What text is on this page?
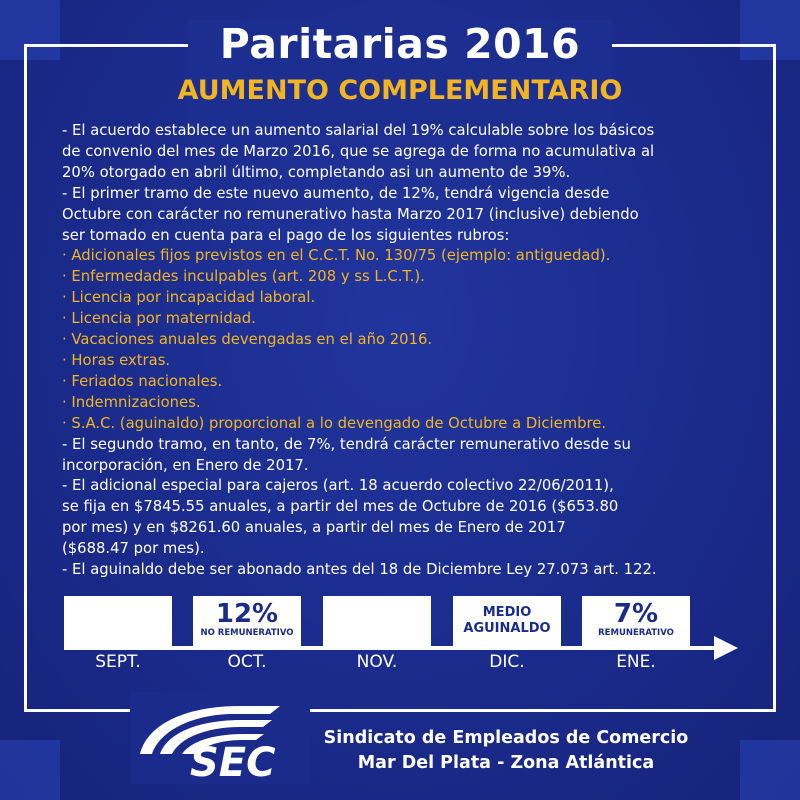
Paritarias 2016
AUMENTO COMPLEMENTARIO
- El acuerdo establece un aumento salarial del 19% calculable sobre los básicos
de convenio del mes de Marzo 2016, que se agrega de forma no acumulativa al
20% otorgado en abril último, completando asi un aumento de 39%.
- El primer tramo de este nuevo aumento, de 12%, tendrá vigencia desde
Octubre con carácter no remunerativo hasta Marzo 2017 (inclusive) debiendo
ser tomado en cuenta para el pago de los siguientes rubros:
· Adicionales fijos previstos en el C.C.T. No. 130/75 (ejemplo: antiguedad).
· Enfermedades inculpables (art. 208 y ss L.C.T.).
· Licencia por incapacidad laboral.
· Licencia por maternidad.
· Vacaciones anuales devengadas en el año 2016.
· Horas extras.
· Feriados nacionales.
· Indemnizaciones.
· S.A.C. (aguinaldo) proporcional a lo devengado de Octubre a Diciembre.
- El segundo tramo, en tanto, de 7%, tendrá carácter remunerativo desde su
incorporación, en Enero de 2017.
- El adicional especial para cajeros (art. 18 acuerdo colectivo 22/06/2011),
se fija en $7845.55 anuales, a partir del mes de Octubre de 2016 ($653.80
por mes) y en $8261.60 anuales, a partir del mes de Enero de 2017
($688.47 por mes).
- El aguinaldo debe ser abonado antes del 18 de Diciembre Ley 27.073 art. 122.
12%
NO REMUNERATIVO
MEDIO
AGUINALDO	7%
REMUNERATIVO
SEPT.	OCT.	NOV.	DIC.	ENE.
SEC
Sindicato de Empleados de Comercio
Mar Del Plata - Zona Atlántica
